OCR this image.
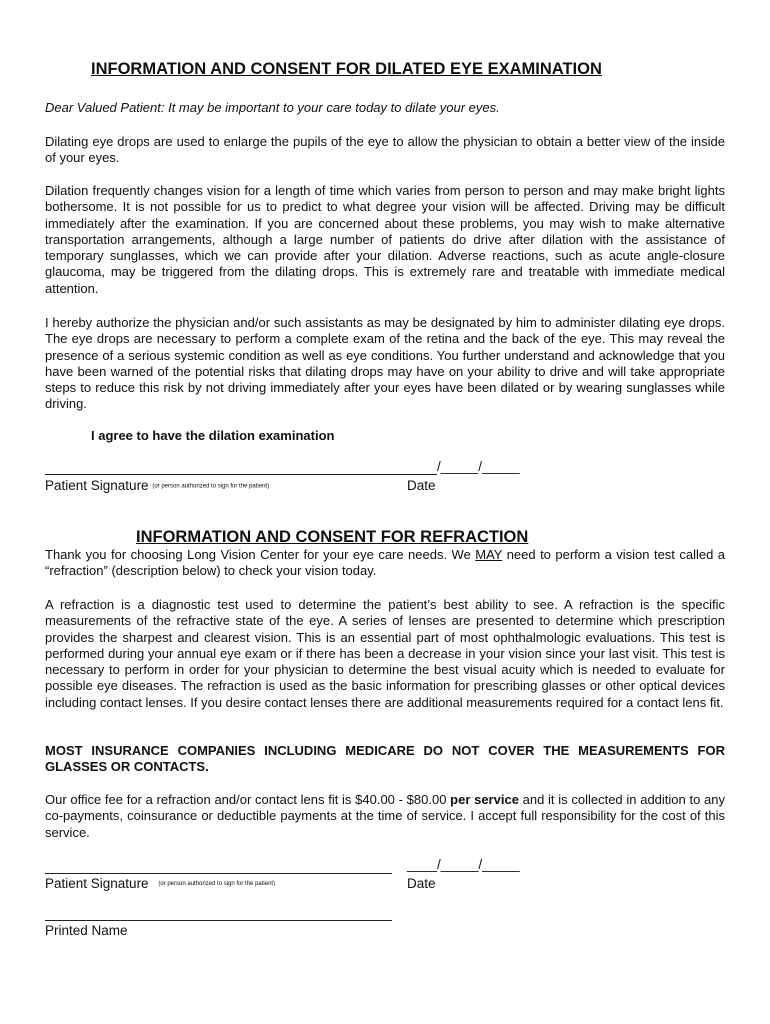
INFORMATION AND CONSENT FOR DILATED EYE EXAMINATION
Dear Valued Patient: It may be important to your care today to dilate your eyes.
Dilating eye drops are used to enlarge the pupils of the eye to allow the physician to obtain a better view of the inside of your eyes.
Dilation frequently changes vision for a length of time which varies from person to person and may make bright lights bothersome. It is not possible for us to predict to what degree your vision will be affected. Driving may be difficult immediately after the examination. If you are concerned about these problems, you may wish to make alternative transportation arrangements, although a large number of patients do drive after dilation with the assistance of temporary sunglasses, which we can provide after your dilation. Adverse reactions, such as acute angle-closure glaucoma, may be triggered from the dilating drops. This is extremely rare and treatable with immediate medical attention.
I hereby authorize the physician and/or such assistants as may be designated by him to administer dilating eye drops. The eye drops are necessary to perform a complete exam of the retina and the back of the eye. This may reveal the presence of a serious systemic condition as well as eye conditions. You further understand and acknowledge that you have been warned of the potential risks that dilating drops may have on your ability to drive and will take appropriate steps to reduce this risk by not driving immediately after your eyes have been dilated or by wearing sunglasses while driving.
I agree to have the dilation examination
/_____/_____
Patient Signature (or person authorized to sign for the patient)	Date
INFORMATION AND CONSENT FOR REFRACTION
Thank you for choosing Long Vision Center for your eye care needs. We MAY need to perform a vision test called a “refraction” (description below) to check your vision today.
A refraction is a diagnostic test used to determine the patient’s best ability to see. A refraction is the specific measurements of the refractive state of the eye. A series of lenses are presented to determine which prescription provides the sharpest and clearest vision. This is an essential part of most ophthalmologic evaluations. This test is performed during your annual eye exam or if there has been a decrease in your vision since your last visit. This test is necessary to perform in order for your physician to determine the best visual acuity which is needed to evaluate for possible eye diseases. The refraction is used as the basic information for prescribing glasses or other optical devices including contact lenses. If you desire contact lenses there are additional measurements required for a contact lens fit.
MOST INSURANCE COMPANIES INCLUDING MEDICARE DO NOT COVER THE MEASUREMENTS FOR GLASSES OR CONTACTS.
Our office fee for a refraction and/or contact lens fit is $40.00 - $80.00 per service and it is collected in addition to any co-payments, coinsurance or deductible payments at the time of service. I accept full responsibility for the cost of this service.
____/_____/_____
Patient Signature (or person authorized to sign for the patient)	Date
Printed Name
